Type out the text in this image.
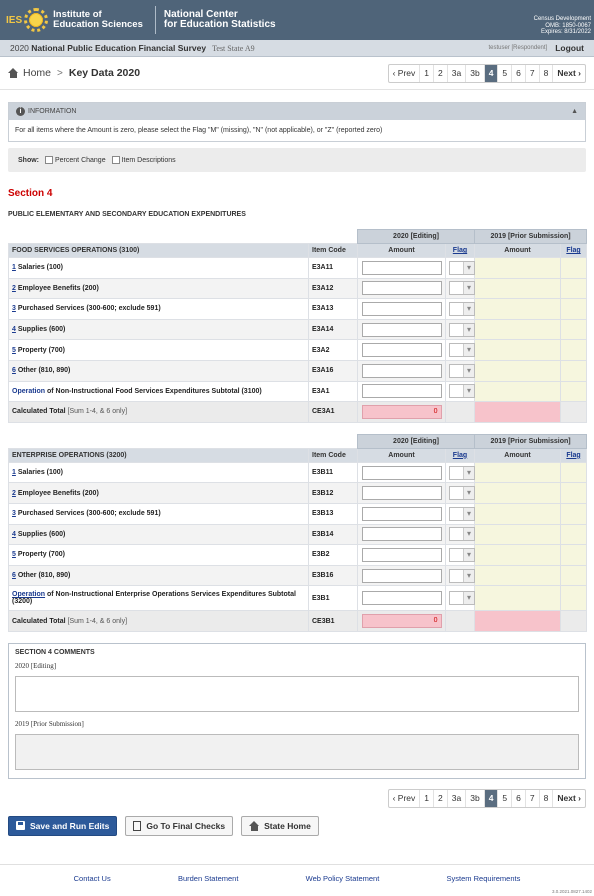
IES	Institute of
Education Sciences
National Center
for Education Statistics	Census Development
OMB: 1850-0067
Expires: 8/31/2022
2020 National Public Education Financial Survey Test State A9	testuser [Respondent] Logout
Home > Key Data 2020	‹ Prev	1	2	3a	3b	4	5	6	7	8	Next ›
i INFORMATION	▲
For all items where the Amount is zero, please select the Flag "M" (missing), "N" (not applicable), or "Z" (reported zero)
Show: Percent Change Item Descriptions
Section 4
PUBLIC ELEMENTARY AND SECONDARY EDUCATION EXPENDITURES
		2020 [Editing]		2019 [Prior Submission]	
FOOD SERVICES OPERATIONS (3100)	Item Code	Amount	Flag	Amount	Flag
1 Salaries (100)	E3A11	

▾

2 Employee Benefits (200)	E3A12	

▾

3 Purchased Services (300-600; exclude 591)	E3A13	

▾

4 Supplies (600)	E3A14	

▾

5 Property (700)	E3A2	

▾

6 Other (810, 890)	E3A16	

▾

Operation of Non-Instructional Food Services Expenditures Subtotal (3100)	E3A1	

▾

Calculated Total [Sum 1-4, & 6 only]	CE3A1	0			

		2020 [Editing]		2019 [Prior Submission]	
ENTERPRISE OPERATIONS (3200)	Item Code	Amount	Flag	Amount	Flag
1 Salaries (100)	E3B11	

▾

2 Employee Benefits (200)	E3B12	

▾

3 Purchased Services (300-600; exclude 591)	E3B13	

▾

4 Supplies (600)	E3B14	

▾

5 Property (700)	E3B2	

▾

6 Other (810, 890)	E3B16	

▾

Operation of Non-Instructional Enterprise Operations Services Expenditures Subtotal (3200)	E3B1	

▾

Calculated Total [Sum 1-4, & 6 only]	CE3B1	0			

SECTION 4 COMMENTS
2020 [Editing]
2019 [Prior Submission]
‹ Prev	1	2	3a	3b	4	5	6	7	8	Next ›
Save and Run Edits	Go To Final Checks	State Home
Contact Us	Burden Statement	Web Policy Statement	System Requirements
3.0.2021.0827.1402
